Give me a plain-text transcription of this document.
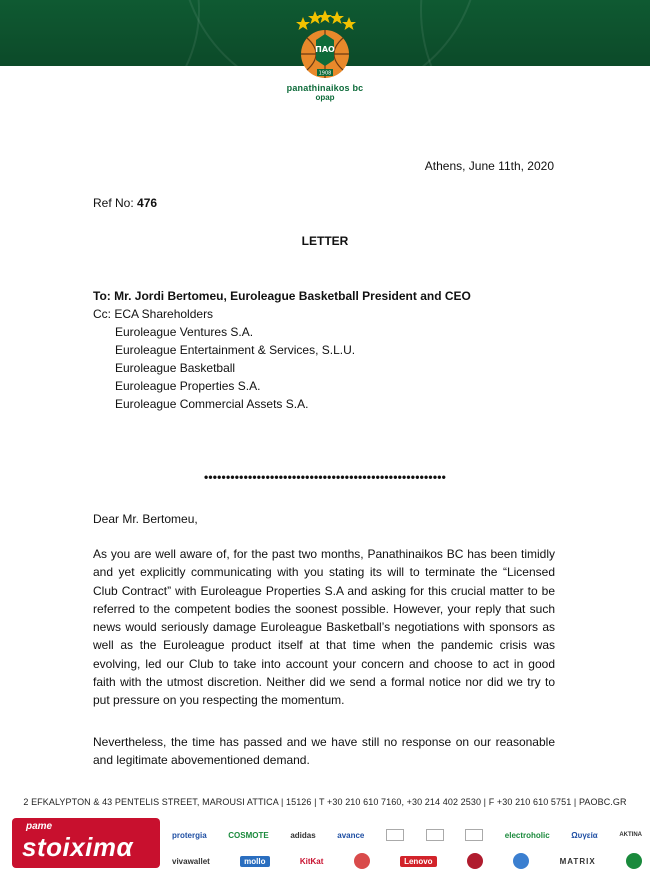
ΠΑΟ
1908
panathinaikos bc
opap
Athens, June 11th, 2020
Ref No: 476
LETTER
To: Mr. Jordi Bertomeu, Euroleague Basketball President and CEO
Cc: ECA Shareholders
Euroleague Ventures S.A.
Euroleague Entertainment & Services, S.L.U.
Euroleague Basketball
Euroleague Properties S.A.
Euroleague Commercial Assets S.A.
•••••••••••••••••••••••••••••••••••••••••••••••••••••••
Dear Mr. Bertomeu,
As you are well aware of, for the past two months, Panathinaikos BC has been timidly and yet explicitly communicating with you stating its will to terminate the “Licensed Club Contract” with Euroleague Properties S.A and asking for this crucial matter to be referred to the competent bodies the soonest possible. However, your reply that such news would seriously damage Euroleague Basketball’s negotiations with sponsors as well as the Euroleague product itself at that time when the pandemic crisis was evolving, led our Club to take into account your concern and choose to act in good faith with the utmost discretion. Neither did we send a formal notice nor did we try to put pressure on you respecting the momentum.
Nevertheless, the time has passed and we have still no response on our reasonable and legitimate abovementioned demand.
2 EFKALYPTON & 43 PENTELIS STREET, MAROUSI ATTICA | 15126 | T +30 210 610 7160, +30 214 402 2530 | F +30 210 610 5751 | PAOBC.GR
pame
stoiximα	protergia	COSMOTE	adidas	avance	electroholic	Ωυγεία	AKTINA
vivawallet	mollo	KitKat	Lenovo	MATRIX
